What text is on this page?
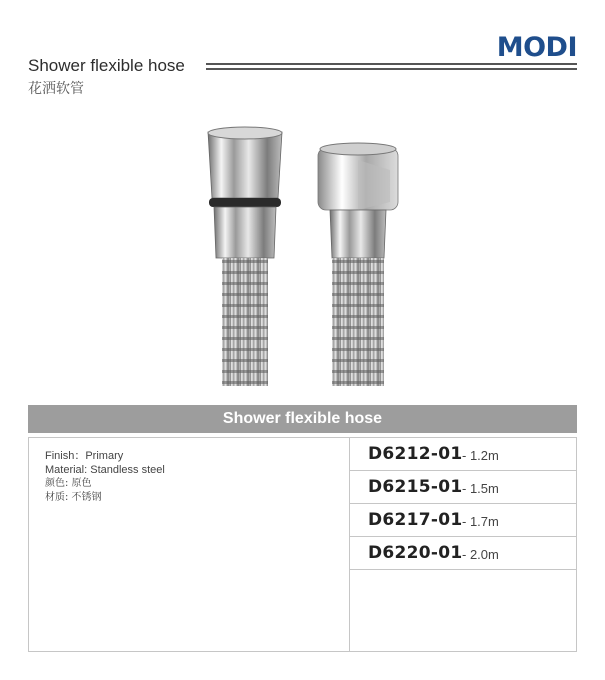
MODI
Shower flexible hose
花洒软管
Shower flexible hose
Finish：Primary
Material: Standless steel
颜色: 原色
材质: 不锈钢
D6212-01 - 1.2m
D6215-01 - 1.5m
D6217-01 - 1.7m
D6220-01 - 2.0m
